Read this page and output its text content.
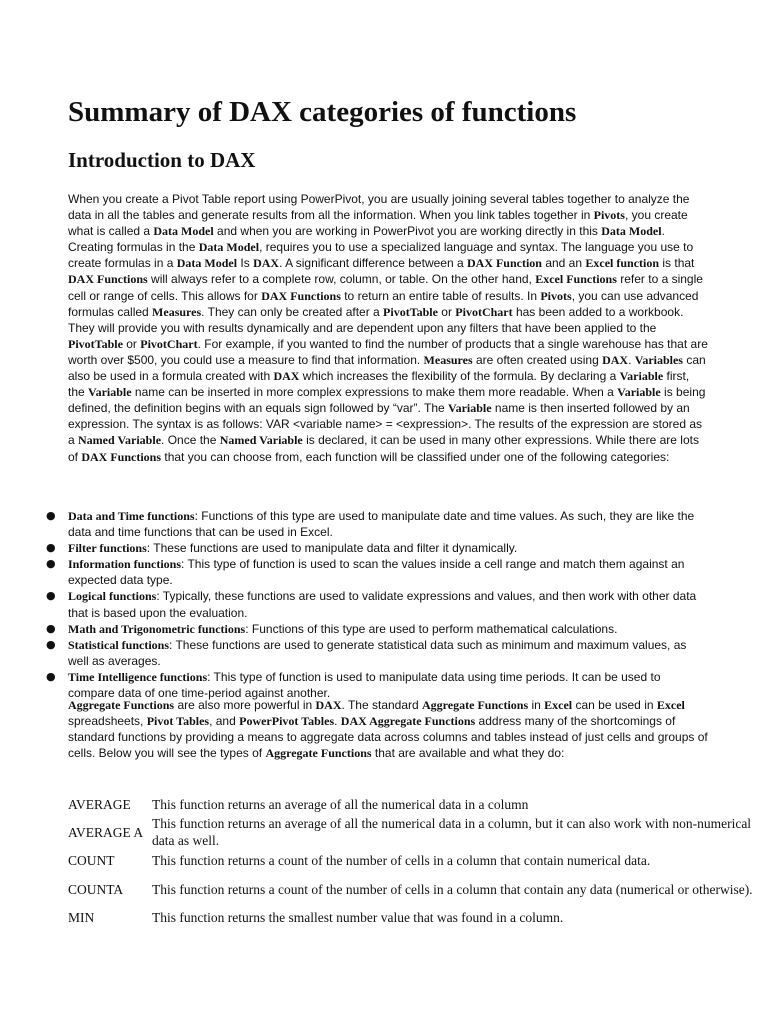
Summary of DAX categories of functions
Introduction to DAX
When you create a Pivot Table report using PowerPivot, you are usually joining several tables together to analyze the data in all the tables and generate results from all the information. When you link tables together in Pivots, you create what is called a Data Model and when you are working in PowerPivot you are working directly in this Data Model. Creating formulas in the Data Model, requires you to use a specialized language and syntax. The language you use to create formulas in a Data Model Is DAX. A significant difference between a DAX Function and an Excel function is that DAX Functions will always refer to a complete row, column, or table. On the other hand, Excel Functions refer to a single cell or range of cells. This allows for DAX Functions to return an entire table of results. In Pivots, you can use advanced formulas called Measures. They can only be created after a PivotTable or PivotChart has been added to a workbook. They will provide you with results dynamically and are dependent upon any filters that have been applied to the PivotTable or PivotChart. For example, if you wanted to find the number of products that a single warehouse has that are worth over $500, you could use a measure to find that information. Measures are often created using DAX. Variables can also be used in a formula created with DAX which increases the flexibility of the formula. By declaring a Variable first, the Variable name can be inserted in more complex expressions to make them more readable. When a Variable is being defined, the definition begins with an equals sign followed by “var”. The Variable name is then inserted followed by an expression. The syntax is as follows: VAR <variable name> = <expression>. The results of the expression are stored as a Named Variable. Once the Named Variable is declared, it can be used in many other expressions. While there are lots of DAX Functions that you can choose from, each function will be classified under one of the following categories:
● Data and Time functions: Functions of this type are used to manipulate date and time values. As such, they are like the data and time functions that can be used in Excel.
● Filter functions: These functions are used to manipulate data and filter it dynamically.
● Information functions: This type of function is used to scan the values inside a cell range and match them against an expected data type.
● Logical functions: Typically, these functions are used to validate expressions and values, and then work with other data that is based upon the evaluation.
● Math and Trigonometric functions: Functions of this type are used to perform mathematical calculations.
● Statistical functions: These functions are used to generate statistical data such as minimum and maximum values, as well as averages.
● Time Intelligence functions: This type of function is used to manipulate data using time periods. It can be used to compare data of one time-period against another.
Aggregate Functions are also more powerful in DAX. The standard Aggregate Functions in Excel can be used in Excel spreadsheets, Pivot Tables, and PowerPivot Tables. DAX Aggregate Functions address many of the shortcomings of standard functions by providing a means to aggregate data across columns and tables instead of just cells and groups of cells. Below you will see the types of Aggregate Functions that are available and what they do:
AVERAGE	This function returns an average of all the numerical data in a column
AVERAGE A	This function returns an average of all the numerical data in a column, but it can also work with non-numerical data as well.
COUNT	This function returns a count of the number of cells in a column that contain numerical data.
COUNTA	This function returns a count of the number of cells in a column that contain any data (numerical or otherwise).
MIN	This function returns the smallest number value that was found in a column.
